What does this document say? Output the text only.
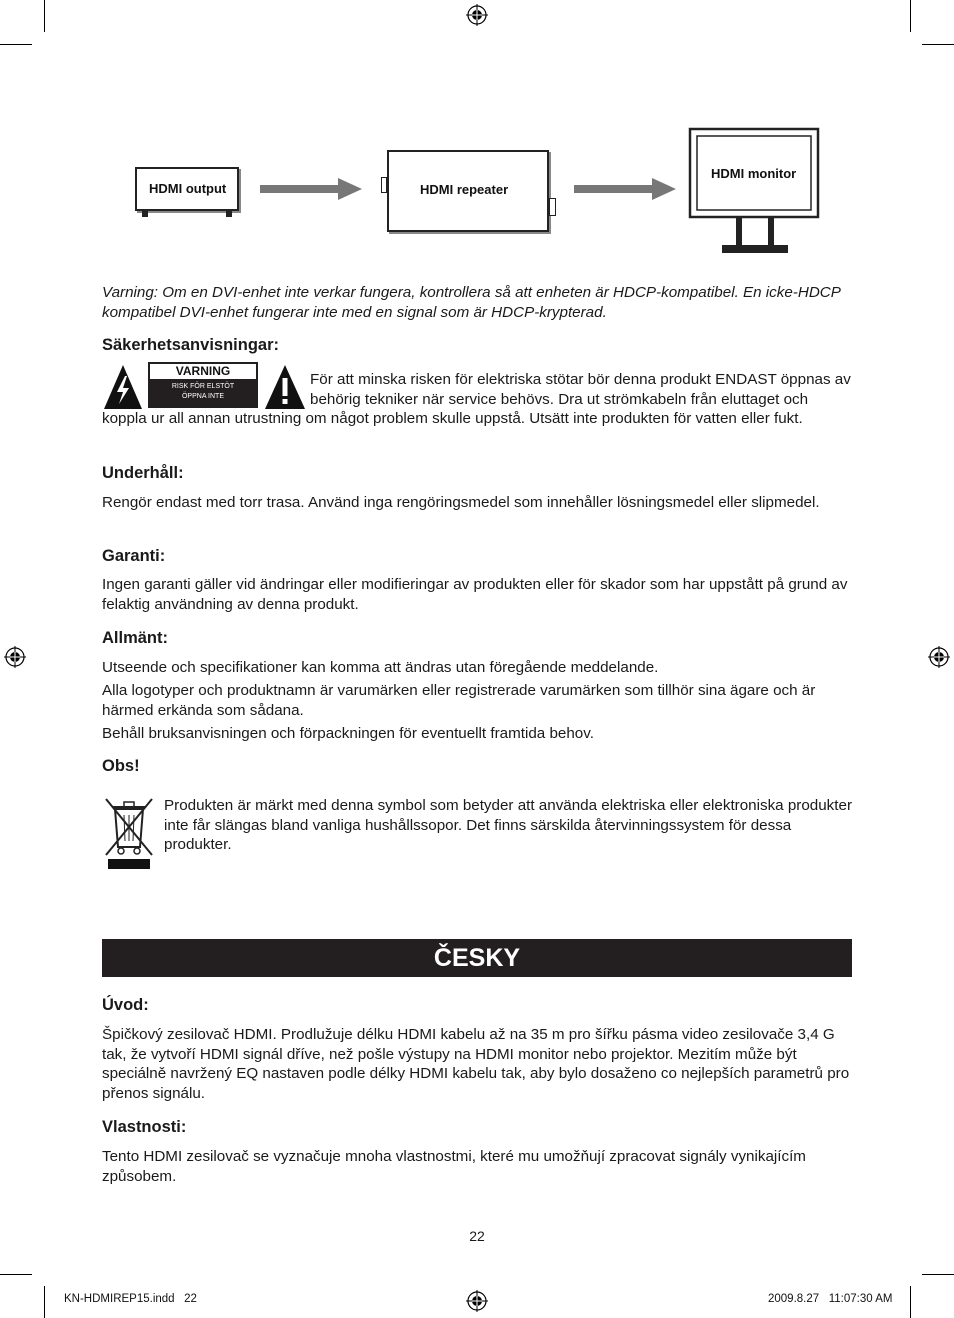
HDMI output	HDMI repeater
HDMI monitor

Varning: Om en DVI-enhet inte verkar fungera, kontrollera så att enheten är HDCP-kompatibel. En icke-HDCP kompatibel DVI-enhet fungerar inte med en signal som är HDCP-krypterad.

Säkerhetsanvisningar:
VARNING
RISK FÖR ELSTÖT
ÖPPNA INTE

För att minska risken för elektriska stötar bör denna produkt ENDAST öppnas av behörig tekniker när service behövs. Dra ut strömkabeln från eluttaget och koppla ur all annan utrustning om något problem skulle uppstå. Utsätt inte produkten för vatten eller fukt.

Underhåll:

Rengör endast med torr trasa. Använd inga rengöringsmedel som innehåller lösningsmedel eller slipmedel.

Garanti:

Ingen garanti gäller vid ändringar eller modifieringar av produkten eller för skador som har uppstått på grund av felaktig användning av denna produkt.

Allmänt:

Utseende och specifikationer kan komma att ändras utan föregående meddelande.

Alla logotyper och produktnamn är varumärken eller registrerade varumärken som tillhör sina ägare och är härmed erkända som sådana.

Behåll bruksanvisningen och förpackningen för eventuellt framtida behov.

Obs!

Produkten är märkt med denna symbol som betyder att använda elektriska eller elektroniska produkter inte får slängas bland vanliga hushållssopor. Det finns särskilda återvinningssystem för dessa produkter.

ČESKY
Úvod:

Špičkový zesilovač HDMI. Prodlužuje délku HDMI kabelu až na 35 m pro šířku pásma video zesilovače 3,4 G tak, že vytvoří HDMI signál dříve, než pošle výstupy na HDMI monitor nebo projektor. Mezitím může být speciálně navržený EQ nastaven podle délky HDMI kabelu tak, aby bylo dosaženo co nejlepších parametrů pro přenos signálu.

Vlastnosti:

Tento HDMI zesilovač se vyznačuje mnoha vlastnostmi, které mu umožňují zpracovat signály vynikajícím způsobem.

22
KN-HDMIREP15.indd   22	2009.8.27   11:07:30 AM
